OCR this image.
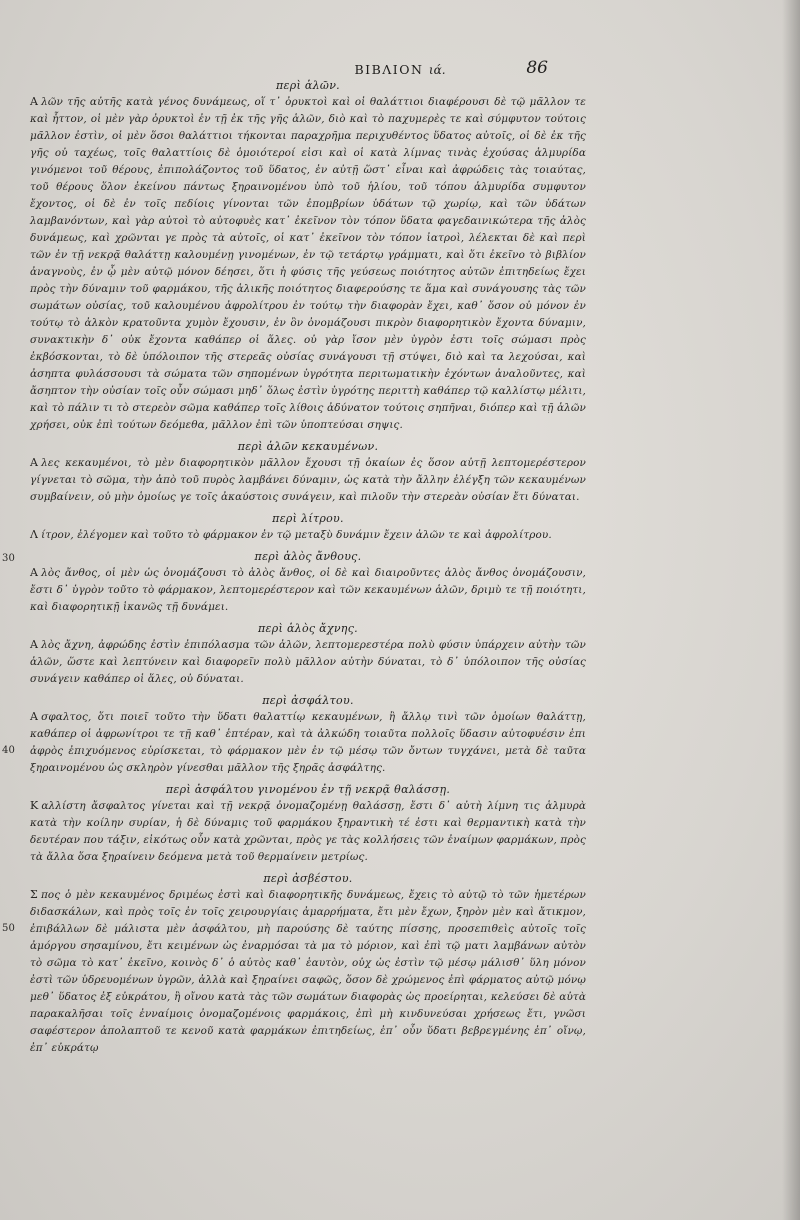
ΒΙΒΛΙΟΝ ιά.	86
περὶ ἁλῶν.

Α λῶν τῆς αὐτῆς κατὰ γένος δυνάμεως, οἵ τ᾽ ὀρυκτοὶ καὶ οἱ θαλάττιοι διαφέρουσι δὲ τῷ μᾶλλον τε καὶ ἧττον, οἱ μὲν γὰρ ὀρυκτοὶ ἐν τῇ ἐκ τῆς γῆς ἁλῶν, διὸ καὶ τὸ παχυμερὲς τε καὶ σύμφυτον τούτοις μᾶλλον ἐστὶν, οἱ μὲν ὅσοι θαλάττιοι τήκονται παραχρῆμα περιχυθέντος ὕδατος αὐτοῖς, οἱ δὲ ἐκ τῆς γῆς οὐ ταχέως, τοῖς θαλαττίοις δὲ ὁμοιότεροί εἰσι καὶ οἱ κατὰ λίμνας τινὰς ἐχούσας ἁλμυρίδα γινόμενοι τοῦ θέρους, ἐπιπολάζοντος τοῦ ὕδατος, ἐν αὐτῇ ὥστ᾽ εἶναι καὶ ἀφρώδεις τὰς τοιαύτας, τοῦ θέρους ὅλον ἐκείνου πάντως ξηραινομένου ὑπὸ τοῦ ἡλίου, τοῦ τόπου ἁλμυρίδα συμφυτον ἔχοντος, οἱ δὲ ἐν τοῖς πεδίοις γίνονται τῶν ἐπομβρίων ὑδάτων τῷ χωρίῳ, καὶ τῶν ὑδάτων λαμβανόντων, καὶ γὰρ αὐτοὶ τὸ αὐτοφυὲς κατ᾽ ἐκεῖνον τὸν τόπον ὕδατα φαγεδαινικώτερα τῆς ἁλὸς δυνάμεως, καὶ χρῶνται γε πρὸς τὰ αὐτοῖς, οἱ κατ᾽ ἐκεῖνον τὸν τόπον ἰατροὶ, λέλεκται δὲ καὶ περὶ τῶν ἐν τῇ νεκρᾷ θαλάττῃ καλουμένῃ γινομένων, ἐν τῷ τετάρτῳ γράμματι, καὶ ὅτι ἐκεῖνο τὸ βιβλίον ἀναγνοὺς, ἐν ᾧ μὲν αὐτῷ μόνον δέησει, ὅτι ἡ φύσις τῆς γεύσεως ποιότητος αὐτῶν ἐπιτηδείως ἔχει πρὸς τὴν δύναμιν τοῦ φαρμάκου, τῆς ἁλικῆς ποιότητος διαφερούσης τε ἅμα καὶ συνάγουσης τὰς τῶν σωμάτων οὐσίας, τοῦ καλουμένου ἀφρολίτρου ἐν τούτῳ τὴν διαφορὰν ἔχει, καθ᾽ ὅσον οὐ μόνον ἐν τούτῳ τὸ ἀλκὸν κρατοῦντα χυμὸν ἔχουσιν, ἐν ὃν ὀνομάζουσι πικρὸν διαφορητικὸν ἔχοντα δύναμιν, συνακτικὴν δ᾽ οὐκ ἔχοντα καθάπερ οἱ ἅλες. οὐ γὰρ ἴσον μὲν ὑγρὸν ἐστι τοῖς σώμασι πρὸς ἐκβόσκονται, τὸ δὲ ὑπόλοιπον τῆς στερεᾶς οὐσίας συνάγουσι τῇ στύψει, διὸ καὶ τα λεχούσαι, καὶ ἀσηπτα φυλάσσουσι τὰ σώματα τῶν σηπομένων ὑγρότητα περιτωματικὴν ἐχόντων ἀναλοῦντες, καὶ ἄσηπτον τὴν οὐσίαν τοῖς οὖν σώμασι μηδ᾽ ὅλως ἐστὶν ὑγρότης περιττὴ καθάπερ τῷ καλλίστῳ μέλιτι, καὶ τὸ πάλιν τι τὸ στερεὸν σῶμα καθάπερ τοῖς λίθοις ἀδύνατον τούτοις σηπῆναι, διόπερ καὶ τῇ ἁλῶν χρήσει, οὐκ ἐπὶ τούτων δεόμεθα, μᾶλλον ἐπὶ τῶν ὑποπτεύσαι σηψις.

περὶ ἁλῶν κεκαυμένων.

Α λες κεκαυμένοι, τὸ μὲν διαφορητικὸν μᾶλλον ἔχουσι τῇ ὀκαίων ἐς ὅσον αὐτῇ λεπτομερέστερον γίγνεται τὸ σῶμα, τὴν ἀπὸ τοῦ πυρὸς λαμβάνει δύναμιν, ὡς κατὰ τὴν ἄλλην ἐλέγξη τῶν κεκαυμένων συμβαίνειν, οὐ μὴν ὁμοίως γε τοῖς ἀκαύστοις συνάγειν, καὶ πιλοῦν τὴν στερεὰν οὐσίαν ἔτι δύναται.

περὶ λίτρου.

Λ ίτρον, ἐλέγομεν καὶ τοῦτο τὸ φάρμακον ἐν τῷ μεταξὺ δυνάμιν ἔχειν ἁλῶν τε καὶ ἀφρολίτρου.

περὶ ἁλὸς ἄνθους.

30
Α λὸς ἄνθος, οἱ μὲν ὡς ὀνομάζουσι τὸ ἁλὸς ἄνθος, οἱ δὲ καὶ διαιροῦντες ἁλὸς ἄνθος ὀνομάζουσιν, ἔστι δ᾽ ὑγρὸν τοῦτο τὸ φάρμακον, λεπτομερέστερον καὶ τῶν κεκαυμένων ἁλῶν, δριμὺ τε τῇ ποιότητι, καὶ διαφορητικῇ ἱκανῶς τῇ δυνάμει.

περὶ ἁλὸς ἄχνης.

Α λὸς ἄχνη, ἀφρώδης ἐστὶν ἐπιπόλασμα τῶν ἁλῶν, λεπτομερεστέρα πολὺ φύσιν ὑπάρχειν αὐτὴν τῶν ἁλῶν, ὥστε καὶ λεπτύνειν καὶ διαφορεῖν πολὺ μᾶλλον αὐτὴν δύναται, τὸ δ᾽ ὑπόλοιπον τῆς οὐσίας συνάγειν καθάπερ οἱ ἅλες, οὐ δύναται.

περὶ ἀσφάλτου.

40
Α σφαλτος, ὅτι ποιεῖ τοῦτο τὴν ὕδατι θαλαττίῳ κεκαυμένων, ἢ ἄλλῳ τινὶ τῶν ὁμοίων θαλάττῃ, καθάπερ οἱ ἀφρωνίτροι τε τῇ καθ᾽ ἑπτέραν, καὶ τὰ ἀλκώδη τοιαῦτα πολλοῖς ὕδασιν αὐτοφυέσιν ἐπι ἀφρὸς ἐπιχυόμενος εὑρίσκεται, τὸ φάρμακον μὲν ἐν τῷ μέσῳ τῶν ὄντων τυγχάνει, μετὰ δὲ ταῦτα ξηραινομένου ὡς σκληρὸν γίνεσθαι μᾶλλον τῆς ξηρᾶς ἀσφάλτης.

περὶ ἀσφάλτου γινομένου ἐν τῇ νεκρᾷ θαλάσσῃ.

Κ αλλίστη ἄσφαλτος γίνεται καὶ τῇ νεκρᾷ ὀνομαζομένῃ θαλάσσῃ, ἔστι δ᾽ αὐτὴ λίμνη τις ἁλμυρὰ κατὰ τὴν κοίλην συρίαν, ἡ δὲ δύναμις τοῦ φαρμάκου ξηραντικὴ τέ ἐστι καὶ θερμαντικὴ κατὰ τὴν δευτέραν που τάξιν, εἰκότως οὖν κατὰ χρῶνται, πρὸς γε τὰς κολλήσεις τῶν ἐναίμων φαρμάκων, πρὸς τὰ ἄλλα ὅσα ξηραίνειν δεόμενα μετὰ τοῦ θερμαίνειν μετρίως.

περὶ ἀσβέστου.

50
Σ πος ὁ μὲν κεκαυμένος δριμέως ἐστὶ καὶ διαφορητικῆς δυνάμεως, ἔχεις τὸ αὐτῷ τὸ τῶν ἡμετέρων διδασκάλων, καὶ πρὸς τοῖς ἐν τοῖς χειρουργίαις ἀμαρρήματα, ἔτι μὲν ἔχων, ξηρὸν μὲν καὶ ἄτικμον, ἐπιβάλλων δὲ μάλιστα μὲν ἀσφάλτου, μὴ παρούσης δὲ ταύτης πίσσης, προσεπιθεὶς αὐτοῖς τοῖς ἀμόργου σησαμίνου, ἔτι κειμένων ὡς ἐναρμόσαι τὰ μα τὸ μόριον, καὶ ἐπὶ τῷ ματι λαμβάνων αὐτὸν τὸ σῶμα τὸ κατ᾽ ἐκεῖνο, κοινὸς δ᾽ ὁ αὐτὸς καθ᾽ ἑαυτὸν, οὐχ ὡς ἐστὶν τῷ μέσῳ μάλισθ᾽ ὕλη μόνον ἐστὶ τῶν ὑδρευομένων ὑγρῶν, ἀλλὰ καὶ ξηραίνει σαφῶς, ὅσον δὲ χρώμενος ἐπὶ φάρματος αὐτῷ μόνῳ μεθ᾽ ὕδατος ἐξ εὐκράτου, ἢ οἴνου κατὰ τὰς τῶν σωμάτων διαφορὰς ὡς προείρηται, κελεύσει δὲ αὐτὰ παρακαλῆσαι τοῖς ἐνναίμοις ὀνομαζομένοις φαρμάκοις, ἐπὶ μὴ κινδυνεύσαι χρήσεως ἔτι, γνῶσι σαφέστερον ἀπολαπτοῦ τε κενοῦ κατὰ φαρμάκων ἐπιτηδείως, ἐπ᾽ οὖν ὕδατι βεβρεγμένης ἐπ᾽ οἴνῳ, ἐπ᾽ εὐκράτῳ
